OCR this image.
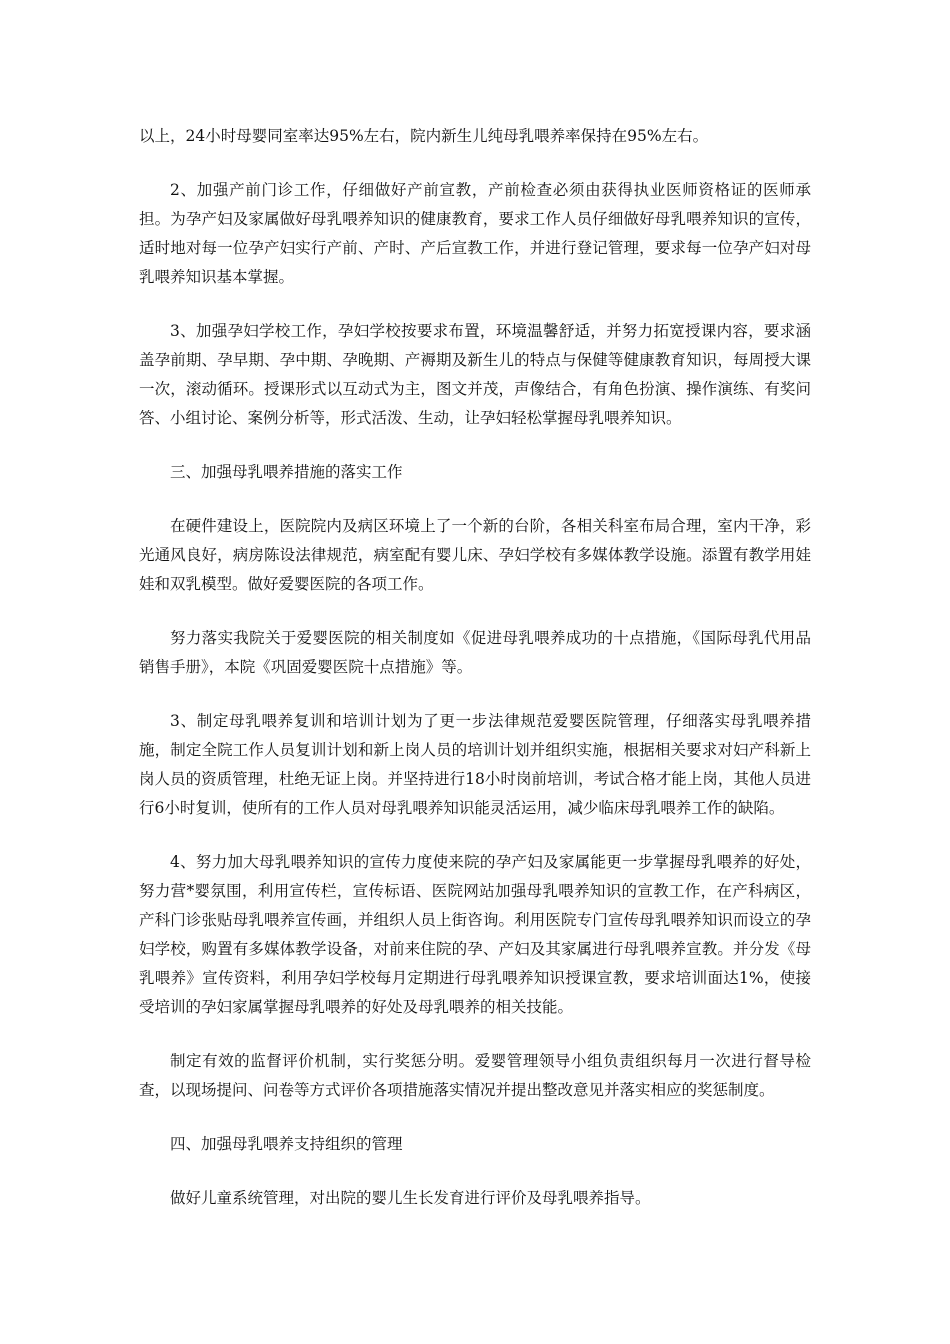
以上，24小时母婴同室率达95%左右，院内新生儿纯母乳喂养率保持在95%左右。

2、加强产前门诊工作，仔细做好产前宣教，产前检查必须由获得执业医师资格证的医师承担。为孕产妇及家属做好母乳喂养知识的健康教育，要求工作人员仔细做好母乳喂养知识的宣传，适时地对每一位孕产妇实行产前、产时、产后宣教工作，并进行登记管理，要求每一位孕产妇对母乳喂养知识基本掌握。

3、加强孕妇学校工作，孕妇学校按要求布置，环境温馨舒适，并努力拓宽授课内容，要求涵盖孕前期、孕早期、孕中期、孕晚期、产褥期及新生儿的特点与保健等健康教育知识，每周授大课一次，滚动循环。授课形式以互动式为主，图文并茂，声像结合，有角色扮演、操作演练、有奖问答、小组讨论、案例分析等，形式活泼、生动，让孕妇轻松掌握母乳喂养知识。

三、加强母乳喂养措施的落实工作

在硬件建设上，医院院内及病区环境上了一个新的台阶，各相关科室布局合理，室内干净，彩光通风良好，病房陈设法律规范，病室配有婴儿床、孕妇学校有多媒体教学设施。添置有教学用娃娃和双乳模型。做好爱婴医院的各项工作。

努力落实我院关于爱婴医院的相关制度如《促进母乳喂养成功的十点措施，《国际母乳代用品销售手册》，本院《巩固爱婴医院十点措施》等。

3、制定母乳喂养复训和培训计划为了更一步法律规范爱婴医院管理，仔细落实母乳喂养措施，制定全院工作人员复训计划和新上岗人员的培训计划并组织实施，根据相关要求对妇产科新上岗人员的资质管理，杜绝无证上岗。并坚持进行18小时岗前培训，考试合格才能上岗，其他人员进行6小时复训，使所有的工作人员对母乳喂养知识能灵活运用，减少临床母乳喂养工作的缺陷。

4、努力加大母乳喂养知识的宣传力度使来院的孕产妇及家属能更一步掌握母乳喂养的好处，努力营*婴氛围，利用宣传栏，宣传标语、医院网站加强母乳喂养知识的宣教工作，在产科病区，产科门诊张贴母乳喂养宣传画，并组织人员上街咨询。利用医院专门宣传母乳喂养知识而设立的孕妇学校，购置有多媒体教学设备，对前来住院的孕、产妇及其家属进行母乳喂养宣教。并分发《母乳喂养》宣传资料，利用孕妇学校每月定期进行母乳喂养知识授课宣教，要求培训面达1%，使接受培训的孕妇家属掌握母乳喂养的好处及母乳喂养的相关技能。

制定有效的监督评价机制，实行奖惩分明。爱婴管理领导小组负责组织每月一次进行督导检查，以现场提问、问卷等方式评价各项措施落实情况并提出整改意见并落实相应的奖惩制度。

四、加强母乳喂养支持组织的管理

做好儿童系统管理，对出院的婴儿生长发育进行评价及母乳喂养指导。
